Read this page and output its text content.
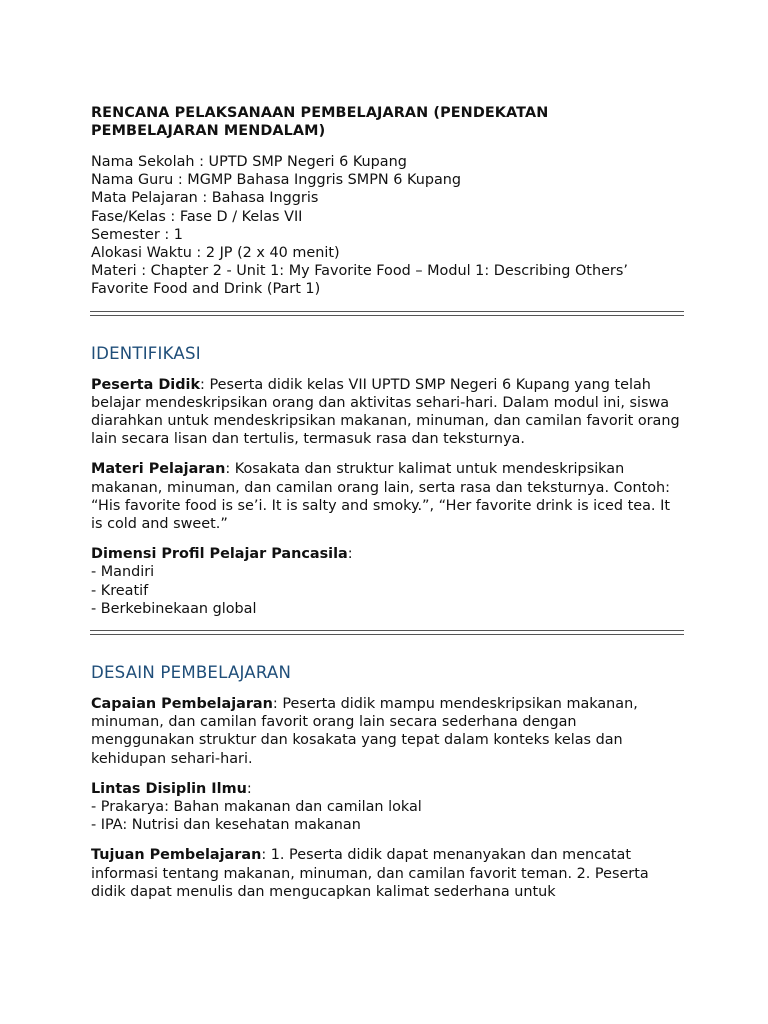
RENCANA PELAKSANAAN PEMBELAJARAN (PENDEKATAN PEMBELAJARAN MENDALAM)
Nama Sekolah : UPTD SMP Negeri 6 Kupang
Nama Guru : MGMP Bahasa Inggris SMPN 6 Kupang
Mata Pelajaran : Bahasa Inggris
Fase/Kelas : Fase D / Kelas VII
Semester : 1
Alokasi Waktu : 2 JP (2 x 40 menit)
Materi : Chapter 2 - Unit 1: My Favorite Food – Modul 1: Describing Others’ Favorite Food and Drink (Part 1)
IDENTIFIKASI
Peserta Didik: Peserta didik kelas VII UPTD SMP Negeri 6 Kupang yang telah belajar mendeskripsikan orang dan aktivitas sehari-hari. Dalam modul ini, siswa diarahkan untuk mendeskripsikan makanan, minuman, dan camilan favorit orang lain secara lisan dan tertulis, termasuk rasa dan teksturnya.
Materi Pelajaran: Kosakata dan struktur kalimat untuk mendeskripsikan makanan, minuman, dan camilan orang lain, serta rasa dan teksturnya. Contoh: “His favorite food is se’i. It is salty and smoky.”, “Her favorite drink is iced tea. It is cold and sweet.”
Dimensi Profil Pelajar Pancasila:
- Mandiri
- Kreatif
- Berkebinekaan global
DESAIN PEMBELAJARAN
Capaian Pembelajaran: Peserta didik mampu mendeskripsikan makanan, minuman, dan camilan favorit orang lain secara sederhana dengan menggunakan struktur dan kosakata yang tepat dalam konteks kelas dan kehidupan sehari-hari.
Lintas Disiplin Ilmu:
- Prakarya: Bahan makanan dan camilan lokal
- IPA: Nutrisi dan kesehatan makanan
Tujuan Pembelajaran: 1. Peserta didik dapat menanyakan dan mencatat informasi tentang makanan, minuman, dan camilan favorit teman. 2. Peserta didik dapat menulis dan mengucapkan kalimat sederhana untuk
